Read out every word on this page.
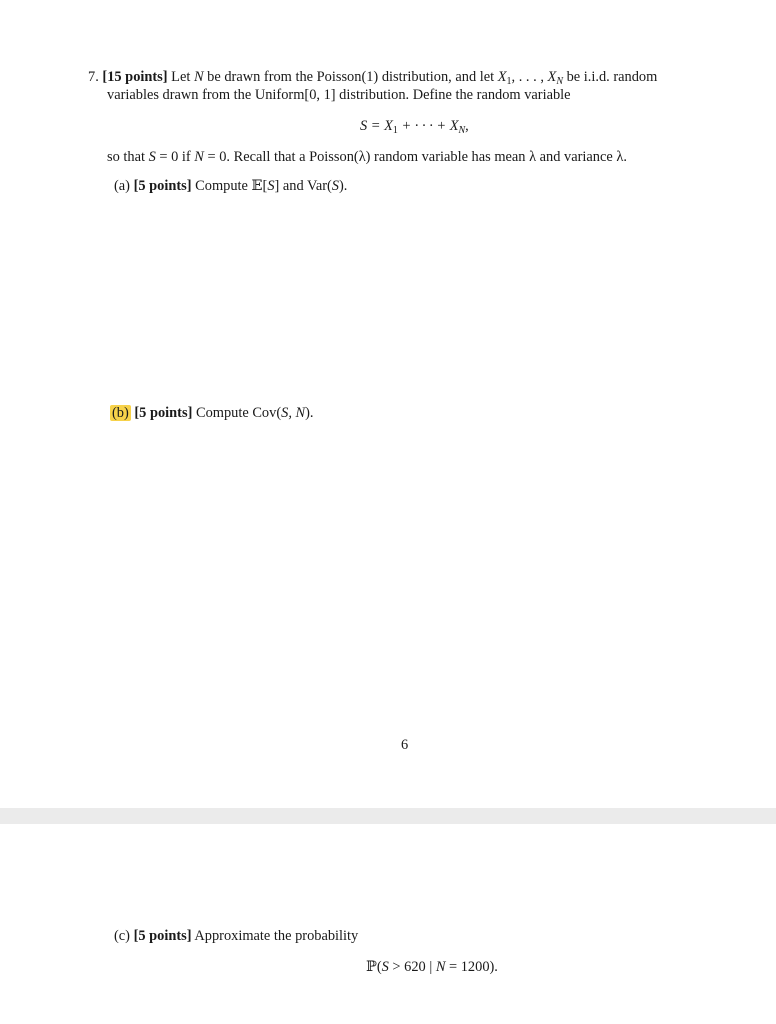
7. [15 points] Let N be drawn from the Poisson(1) distribution, and let $X_1$, . . . , $X_N$ be i.i.d. random
variables drawn from the Uniform[0, 1] distribution. Define the random variable
$S = X_1$ + · · · + $X_N$,
so that S = 0 if N = 0. Recall that a Poisson(λ) random variable has mean λ and variance λ.
(a) [5 points] Compute 𝔼[S] and Var(S).
(b) [5 points] Compute Cov(S, N).
6
(c) [5 points] Approximate the probability
ℙ(S > 620 | N = 1200).
